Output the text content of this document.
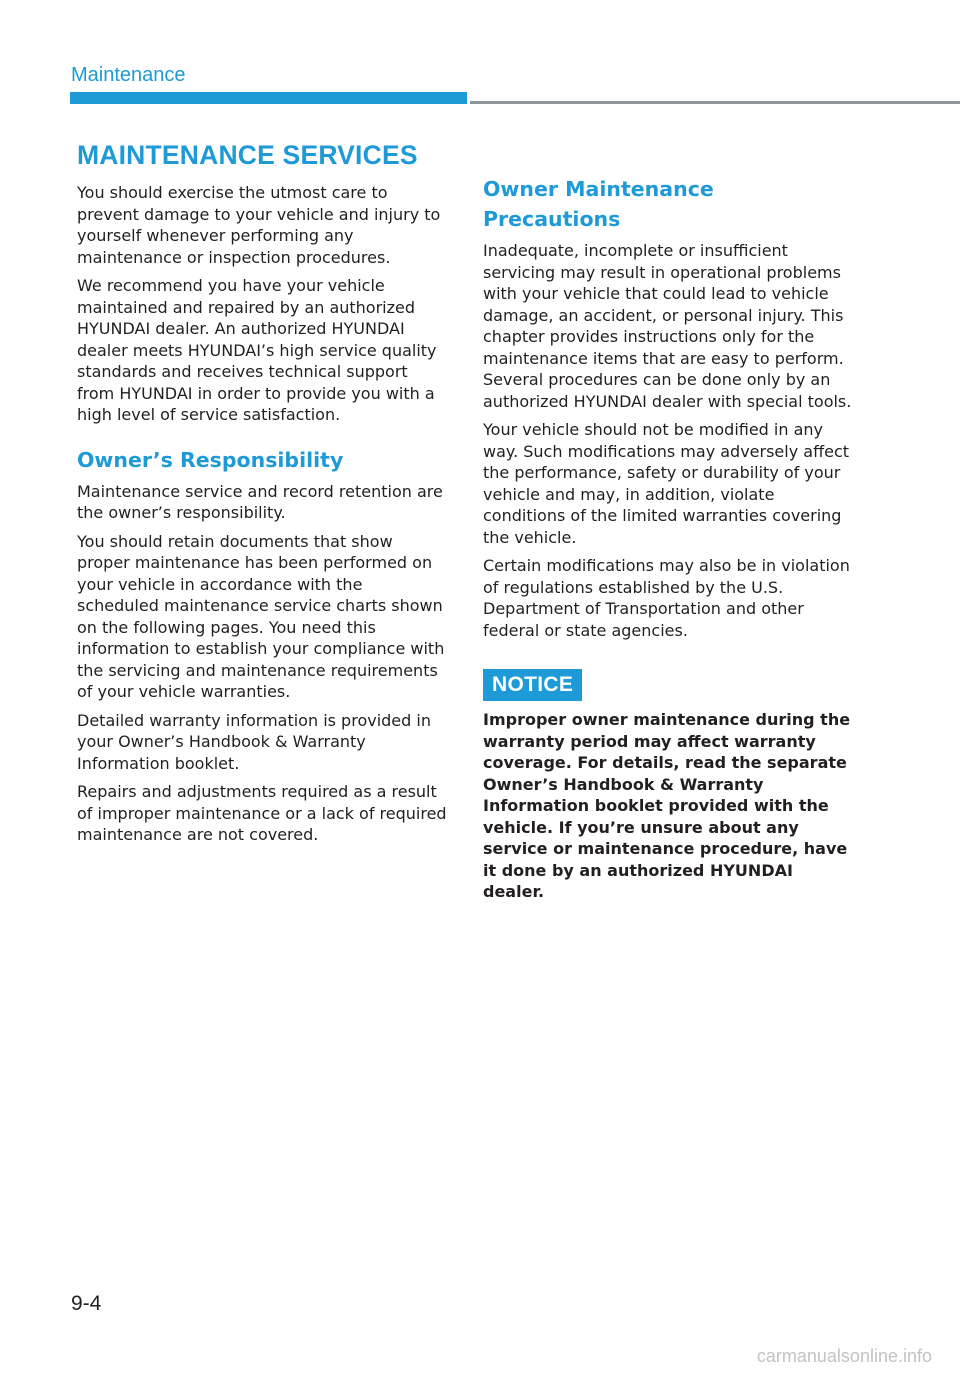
Maintenance
MAINTENANCE SERVICES

You should exercise the utmost care to prevent damage to your vehicle and injury to yourself whenever performing any maintenance or inspection procedures.

We recommend you have your vehicle maintained and repaired by an authorized HYUNDAI dealer. An authorized HYUNDAI dealer meets HYUNDAI’s high service quality standards and receives technical support from HYUNDAI in order to provide you with a high level of service satisfaction.

Owner’s Responsibility

Maintenance service and record retention are the owner’s responsibility.

You should retain documents that show proper maintenance has been performed on your vehicle in accordance with the scheduled maintenance service charts shown on the following pages. You need this information to establish your compliance with the servicing and maintenance requirements of your vehicle warranties.

Detailed warranty information is provided in your Owner’s Handbook & Warranty Information booklet.

Repairs and adjustments required as a result of improper maintenance or a lack of required maintenance are not covered.

Owner Maintenance Precautions

Inadequate, incomplete or insufficient servicing may result in operational problems with your vehicle that could lead to vehicle damage, an accident, or personal injury. This chapter provides instructions only for the maintenance items that are easy to perform. Several procedures can be done only by an authorized HYUNDAI dealer with special tools.

Your vehicle should not be modified in any way. Such modifications may adversely affect the performance, safety or durability of your vehicle and may, in addition, violate conditions of the limited warranties covering the vehicle.

Certain modifications may also be in violation of regulations established by the U.S. Department of Transportation and other federal or state agencies.

NOTICE
Improper owner maintenance during the warranty period may affect warranty coverage. For details, read the separate Owner’s Handbook & Warranty Information booklet provided with the vehicle. If you’re unsure about any service or maintenance procedure, have it done by an authorized HYUNDAI dealer.
9-4
carmanualsonline.info
